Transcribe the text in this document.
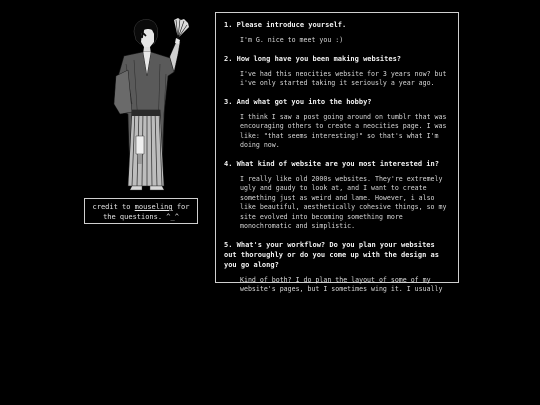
credit to mouseling for the questions. ^_^
1. Please introduce yourself.

I'm G. nice to meet you :)

2. How long have you been making websites?

I've had this neocities website for 3 years now? but i've only started taking it seriously a year ago.

3. And what got you into the hobby?

I think I saw a post going around on tumblr that was encouraging others to create a neocities page. I was like: "that seems interesting!" so that's what I'm doing now.

4. What kind of website are you most interested in?

I really like old 2000s websites. They're extremely ugly and gaudy to look at, and I want to create something just as weird and lame. However, i also like beautiful, aesthetically cohesive things, so my site evolved into becoming something more monochromatic and simplistic.

5. What's your workflow? Do you plan your websites out thoroughly or do you come up with the design as you go along?

Kind of both? I do plan the layout of some of my website's pages, but I sometimes wing it. I usually
